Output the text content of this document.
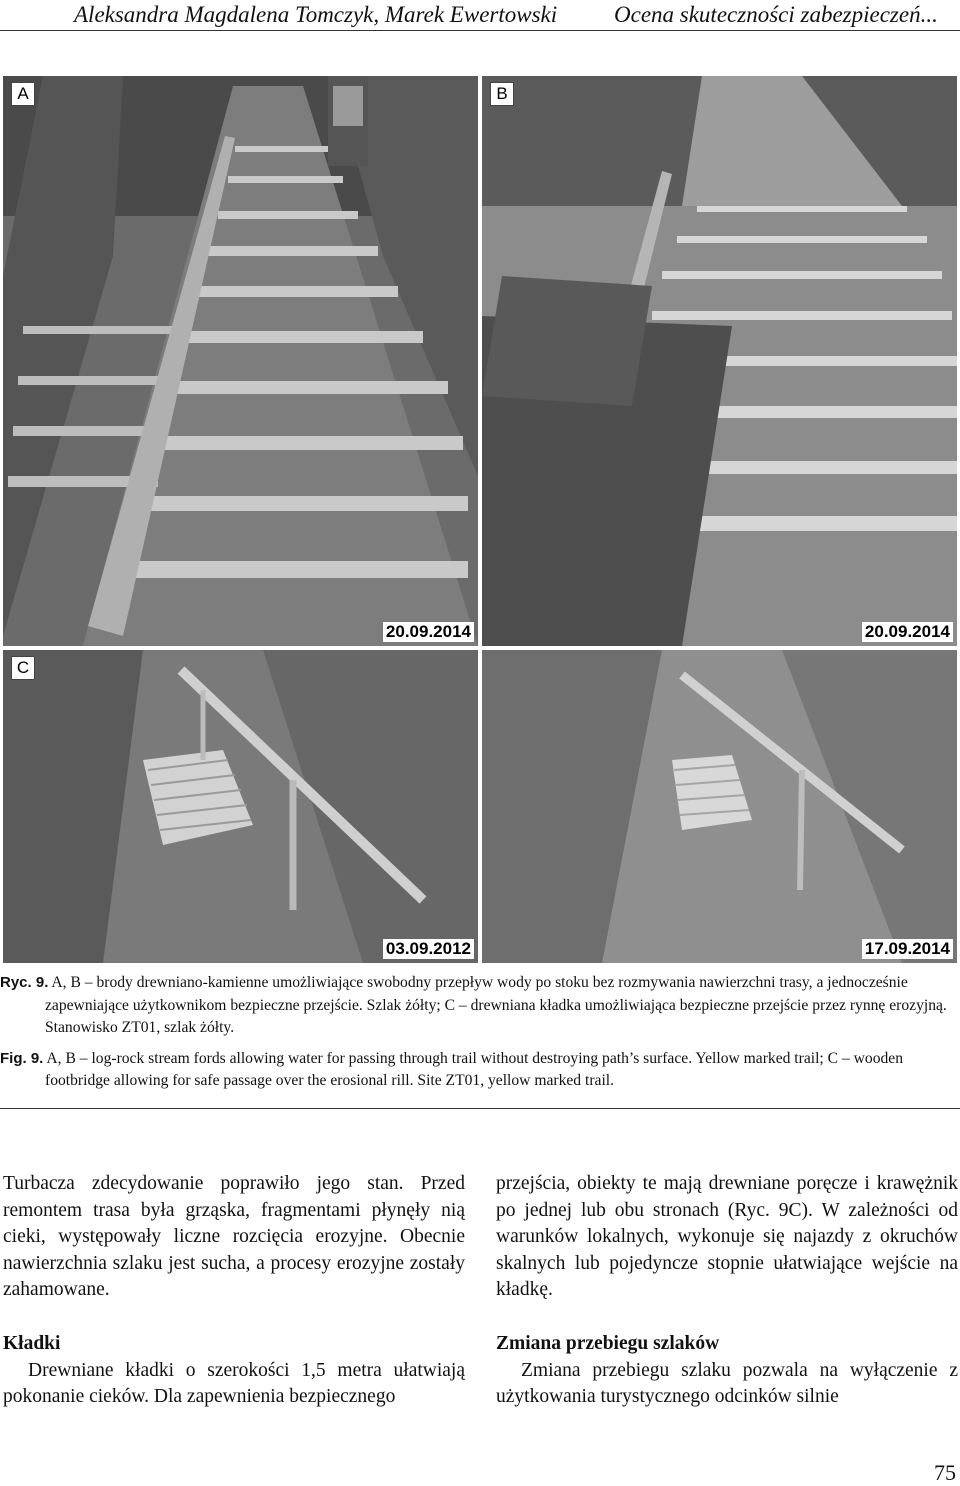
Aleksandra Magdalena Tomczyk, Marek Ewertowski Ocena skuteczności zabezpieczeń...
A
20.09.2014
B
20.09.2014
C
03.09.2012	17.09.2014
Ryc. 9. A, B – brody drewniano-kamienne umożliwiające swobodny przepływ wody po stoku bez rozmywania nawierzchni trasy, a jednocześnie zapewniające użytkownikom bezpieczne przejście. Szlak żółty; C – drewniana kładka umożliwiająca bezpieczne przejście przez rynnę erozyjną. Stanowisko ZT01, szlak żółty.
Fig. 9. A, B – log-rock stream fords allowing water for passing through trail without destroying path’s surface. Yellow marked trail; C – wooden footbridge allowing for safe passage over the erosional rill. Site ZT01, yellow marked trail.

Turbacza zdecydowanie poprawiło jego stan. Przed remontem trasa była grząska, fragmentami płynęły nią cieki, występowały liczne rozcięcia erozyjne. Obecnie nawierzchnia szlaku jest sucha, a procesy erozyjne zostały zahamowane.

Kładki

Drewniane kładki o szerokości 1,5 metra ułatwiają pokonanie cieków. Dla zapewnienia bezpiecznego

przejścia, obiekty te mają drewniane poręcze i krawężnik po jednej lub obu stronach (Ryc. 9C). W zależności od warunków lokalnych, wykonuje się najazdy z okruchów skalnych lub pojedyncze stopnie ułatwiające wejście na kładkę.

Zmiana przebiegu szlaków

Zmiana przebiegu szlaku pozwala na wyłączenie z użytkowania turystycznego odcinków silnie

75
